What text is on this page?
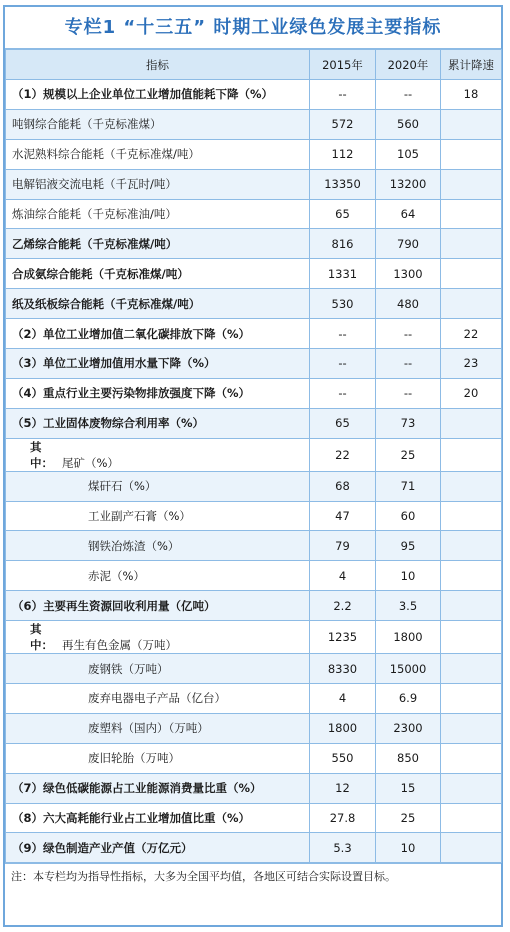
专栏1 “十三五” 时期工业绿色发展主要指标
指标	2015年	2020年	累计降速
（1）规模以上企业单位工业增加值能耗下降（%）	--	--	18
吨钢综合能耗（千克标准煤）	572	560	
水泥熟料综合能耗（千克标准煤/吨）	112	105	
电解铝液交流电耗（千瓦时/吨）	13350	13200	
炼油综合能耗（千克标准油/吨）	65	64	
乙烯综合能耗（千克标准煤/吨）	816	790	
合成氨综合能耗（千克标准煤/吨）	1331	1300	
纸及纸板综合能耗（千克标准煤/吨）	530	480	
（2）单位工业增加值二氧化碳排放下降（%）	--	--	22
（3）单位工业增加值用水量下降（%）	--	--	23
（4）重点行业主要污染物排放强度下降（%）	--	--	20
（5）工业固体废物综合利用率（%）	65	73	
其中： 尾矿（%）	22	25	
煤矸石（%）	68	71	
工业副产石膏（%）	47	60	
钢铁冶炼渣（%）	79	95	
赤泥（%）	4	10	
（6）主要再生资源回收利用量（亿吨）	2.2	3.5	
其中： 再生有色金属（万吨）	1235	1800	
废钢铁（万吨）	8330	15000	
废弃电器电子产品（亿台）	4	6.9	
废塑料（国内）（万吨）	1800	2300	
废旧轮胎（万吨）	550	850	
（7）绿色低碳能源占工业能源消费量比重（%）	12	15	
（8）六大高耗能行业占工业增加值比重（%）	27.8	25	
（9）绿色制造产业产值（万亿元）	5.3	10	
注：本专栏均为指导性指标，大多为全国平均值，各地区可结合实际设置目标。
